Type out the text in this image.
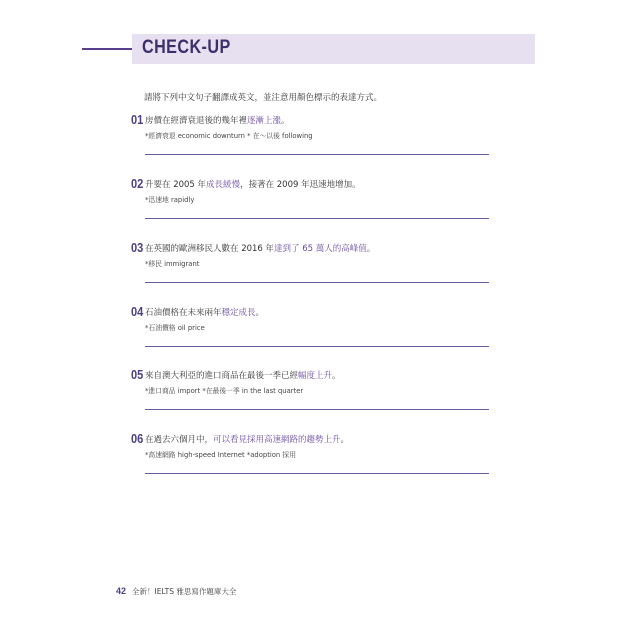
CHECK-UP
請將下列中文句子翻譯成英文，並注意用顏色標示的表達方式。
01 房價在經濟衰退後的幾年裡逐漸上漲。
*經濟衰退 economic downturn * 在～以後 following
02 升要在 2005 年成長緩慢，接著在 2009 年迅速地增加。
*迅速地 rapidly
03 在英國的歐洲移民人數在 2016 年達到了 65 萬人的高峰值。
*移民 immigrant
04 石油價格在未來兩年穩定成長。
*石油價格 oil price
05 來自澳大利亞的進口商品在最後一季已經幅度上升。
*進口商品 import *在最後一季 in the last quarter
06 在過去六個月中，可以看見採用高速網路的趨勢上升。
*高速網路 high-speed Internet *adoption 採用
42 全新！IELTS 雅思寫作題庫大全
